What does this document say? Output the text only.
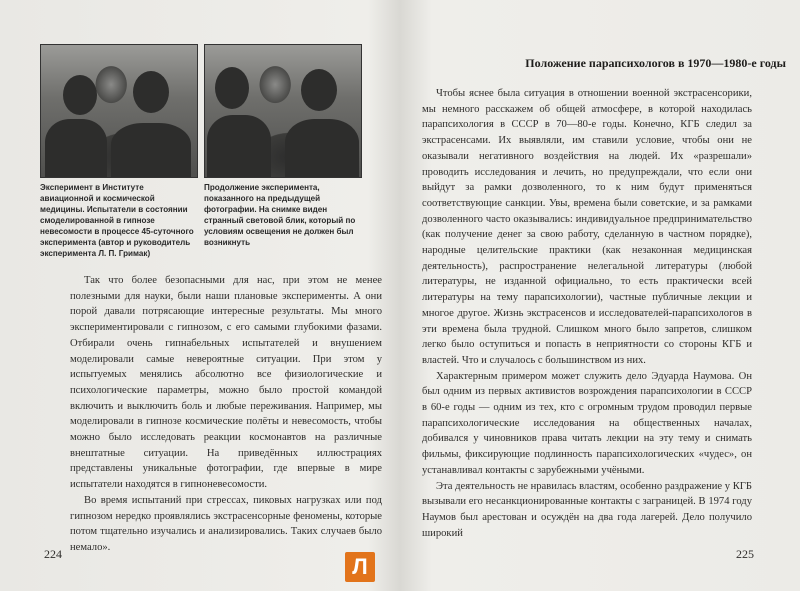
Эксперимент в Институте авиационной и космической медицины. Испытатели в состоянии смоделированной в гипнозе невесомости в процессе 45-суточного эксперимента (автор и руководитель эксперимента Л. П. Гримак)
Продолжение эксперимента, показанного на предыдущей фотографии. На снимке виден странный световой блик, который по условиям освещения не должен был возникнуть

Так что более безопасными для нас, при этом не менее полезными для науки, были наши плановые эксперименты. А они порой давали потрясающие интересные результаты. Мы много экспериментировали с гипнозом, с его самыми глубокими фазами. Отбирали очень гипнабельных испытателей и внушением моделировали самые невероятные ситуации. При этом у испытуемых менялись абсолютно все физиологические и психологические параметры, можно было простой командой включить и выключить боль и любые переживания. Например, мы моделировали в гипнозе космические полёты и невесомость, чтобы можно было исследовать реакции космонавтов на различные внештатные ситуации. На приведённых иллюстрациях представлены уникальные фотографии, где впервые в мире испытатели находятся в гипноневесомости.

Во время испытаний при стрессах, пиковых нагрузках или под гипнозом нередко проявлялись экстрасенсорные феномены, которые потом тщательно изучались и анализировались. Таких случаев было немало».

224
Положение парапсихологов в 1970—1980-е годы

Чтобы яснее была ситуация в отношении военной экстрасенсорики, мы немного расскажем об общей атмосфере, в которой находилась парапсихология в СССР в 70—80-е годы. Конечно, КГБ следил за экстрасенсами. Их выявляли, им ставили условие, чтобы они не оказывали негативного воздействия на людей. Их «разрешали» проводить исследования и лечить, но предупреждали, что если они выйдут за рамки дозволенного, то к ним будут применяться соответствующие санкции. Увы, времена были советские, и за рамками дозволенного часто оказывались: индивидуальное предпринимательство (как получение денег за свою работу, сделанную в частном порядке), народные целительские практики (как незаконная медицинская деятельность), распространение нелегальной литературы (любой литературы, не изданной официально, то есть практически всей литературы на тему парапсихологии), частные публичные лекции и многое другое. Жизнь экстрасенсов и исследователей-парапсихологов в эти времена была трудной. Слишком много было запретов, слишком легко было оступиться и попасть в неприятности со стороны КГБ и властей. Что и случалось с большинством из них.

Характерным примером может служить дело Эдуарда Наумова. Он был одним из первых активистов возрождения парапсихологии в СССР в 60-е годы — одним из тех, кто с огромным трудом проводил первые парапсихологические исследования на общественных началах, добивался у чиновников права читать лекции на эту тему и снимать фильмы, фиксирующие подлинность парапсихологических «чудес», он устанавливал контакты с зарубежными учёными.

Эта деятельность не нравилась властям, особенно раздражение у КГБ вызывали его несанкционированные контакты с заграницей. В 1974 году Наумов был арестован и осуждён на два года лагерей. Дело получило широкий

225
Л
